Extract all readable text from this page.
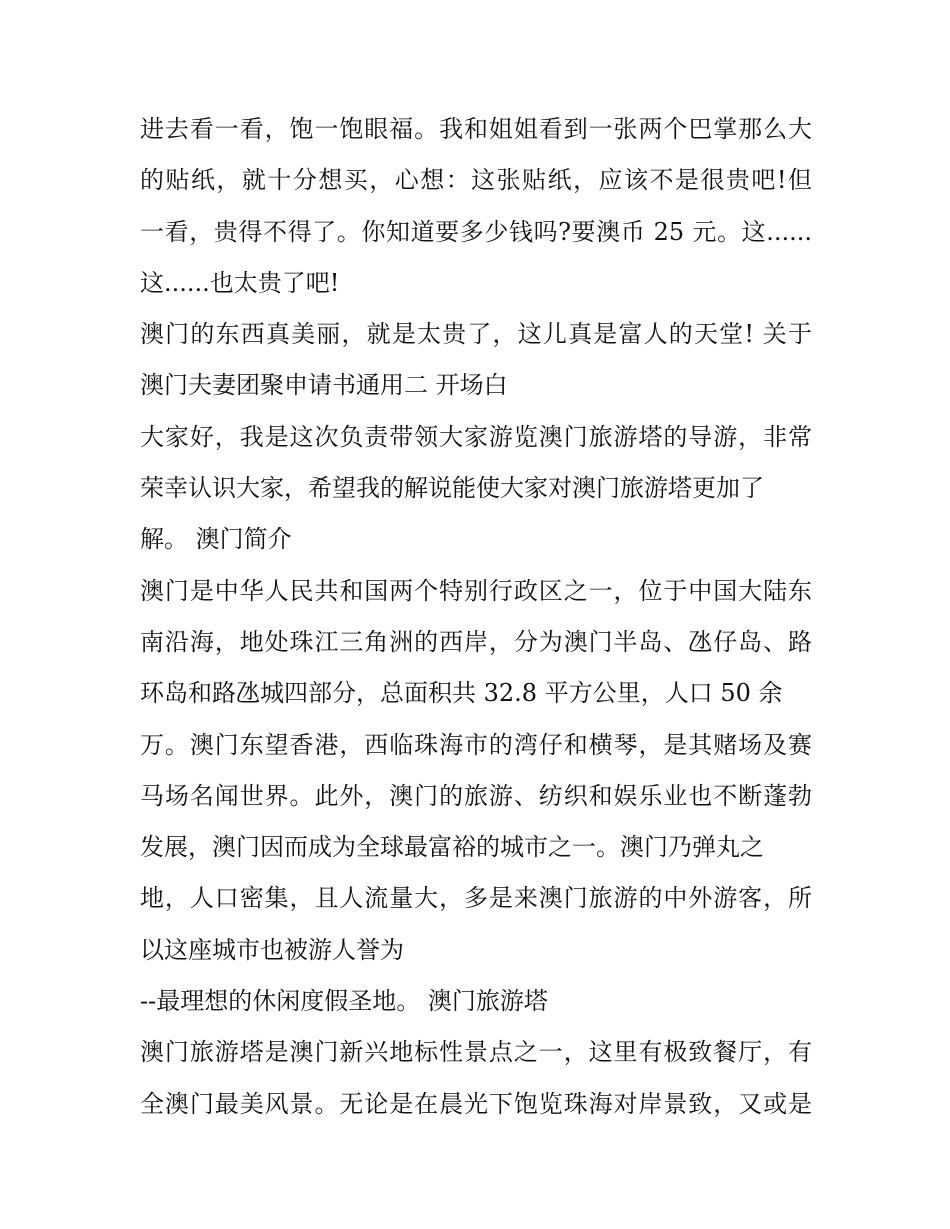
进去看一看，饱一饱眼福。我和姐姐看到一张两个巴掌那么大
的贴纸，就十分想买，心想：这张贴纸，应该不是很贵吧!但
一看，贵得不得了。你知道要多少钱吗?要澳币 25 元。这......
这......也太贵了吧!
澳门的东西真美丽，就是太贵了，这儿真是富人的天堂! 关于
澳门夫妻团聚申请书通用二 开场白
大家好，我是这次负责带领大家游览澳门旅游塔的导游，非常
荣幸认识大家，希望我的解说能使大家对澳门旅游塔更加了
解。 澳门简介
澳门是中华人民共和国两个特别行政区之一，位于中国大陆东
南沿海，地处珠江三角洲的西岸，分为澳门半岛、氹仔岛、路
环岛和路氹城四部分，总面积共 32.8 平方公里，人口 50 余
万。澳门东望香港，西临珠海市的湾仔和横琴，是其赌场及赛
马场名闻世界。此外，澳门的旅游、纺织和娱乐业也不断蓬勃
发展，澳门因而成为全球最富裕的城市之一。澳门乃弹丸之
地，人口密集，且人流量大，多是来澳门旅游的中外游客，所
以这座城市也被游人誉为
--最理想的休闲度假圣地。 澳门旅游塔
澳门旅游塔是澳门新兴地标性景点之一，这里有极致餐厅，有
全澳门最美风景。无论是在晨光下饱览珠海对岸景致，又或是
